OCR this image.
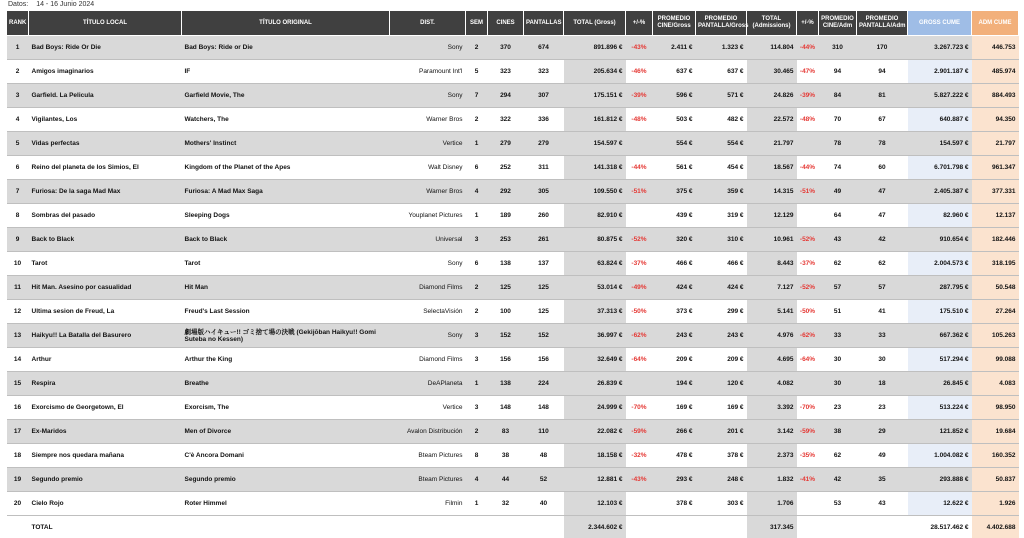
Datos: 14 - 16 Junio 2024
RANK	TÍTULO LOCAL	TÍTULO ORIGINAL	DIST.	SEM	CINES	PANTALLAS	TOTAL (Gross)	+/-%	PROMEDIO CINE/Gross	PROMEDIO PANTALLA/Gross	TOTAL (Admissions)	+/-%	PROMEDIO CINE/Adm	PROMEDIO PANTALLA/Adm	GROSS CUME	ADM CUME
1	Bad Boys: Ride Or Die	Bad Boys: Ride or Die	Sony	2	370	674	891.896 €	-43%	2.411 €	1.323 €	114.804	-44%	310	170	3.267.723 €	446.753
2	Amigos imaginarios	IF	Paramount Int'l	5	323	323	205.634 €	-46%	637 €	637 €	30.465	-47%	94	94	2.901.187 €	485.974
3	Garfield. La Pelicula	Garfield Movie, The	Sony	7	294	307	175.151 €	-39%	596 €	571 €	24.826	-39%	84	81	5.827.222 €	884.493
4	Vigilantes, Los	Watchers, The	Warner Bros	2	322	336	161.812 €	-48%	503 €	482 €	22.572	-48%	70	67	640.887 €	94.350
5	Vidas perfectas	Mothers' Instinct	Vertice	1	279	279	154.597 €		554 €	554 €	21.797		78	78	154.597 €	21.797
6	Reino del planeta de los Simios, El	Kingdom of the Planet of the Apes	Walt Disney	6	252	311	141.318 €	-44%	561 €	454 €	18.567	-44%	74	60	6.701.798 €	961.347
7	Furiosa: De la saga Mad Max	Furiosa: A Mad Max Saga	Warner Bros	4	292	305	109.550 €	-51%	375 €	359 €	14.315	-51%	49	47	2.405.387 €	377.331
8	Sombras del pasado	Sleeping Dogs	Youplanet Pictures	1	189	260	82.910 €		439 €	319 €	12.129		64	47	82.960 €	12.137
9	Back to Black	Back to Black	Universal	3	253	261	80.875 €	-52%	320 €	310 €	10.961	-52%	43	42	910.654 €	182.446
10	Tarot	Tarot	Sony	6	138	137	63.824 €	-37%	466 €	466 €	8.443	-37%	62	62	2.004.573 €	318.195
11	Hit Man. Asesino por casualidad	Hit Man	Diamond Films	2	125	125	53.014 €	-49%	424 €	424 €	7.127	-52%	57	57	287.795 €	50.548
12	Ultima sesion de Freud, La	Freud's Last Session	SelectaVisión	2	100	125	37.313 €	-50%	373 €	299 €	5.141	-50%	51	41	175.510 €	27.264
13	Haikyu!! La Batalla del Basurero	劇場版ハイキュー!! ゴミ捨て場の決戦 (Gekijōban Haikyu!! Gomi Suteba no Kessen)	Sony	3	152	152	36.997 €	-62%	243 €	243 €	4.976	-62%	33	33	667.362 €	105.263
14	Arthur	Arthur the King	Diamond Films	3	156	156	32.649 €	-64%	209 €	209 €	4.695	-64%	30	30	517.294 €	99.088
15	Respira	Breathe	DeAPlaneta	1	138	224	26.839 €		194 €	120 €	4.082		30	18	26.845 €	4.083
16	Exorcismo de Georgetown, El	Exorcism, The	Vertice	3	148	148	24.999 €	-70%	169 €	169 €	3.392	-70%	23	23	513.224 €	98.950
17	Ex-Maridos	Men of Divorce	Avalon Distribución	2	83	110	22.082 €	-59%	266 €	201 €	3.142	-59%	38	29	121.852 €	19.684
18	Siempre nos quedara mañana	C'è Ancora Domani	Bteam Pictures	8	38	48	18.158 €	-32%	478 €	378 €	2.373	-35%	62	49	1.004.082 €	160.352
19	Segundo premio	Segundo premio	Bteam Pictures	4	44	52	12.881 €	-43%	293 €	248 €	1.832	-41%	42	35	293.888 €	50.837
20	Cielo Rojo	Roter Himmel	Filmin	1	32	40	12.103 €		378 €	303 €	1.706		53	43	12.622 €	1.926
	TOTAL						2.344.602 €				317.345				28.517.462 €	4.402.688
